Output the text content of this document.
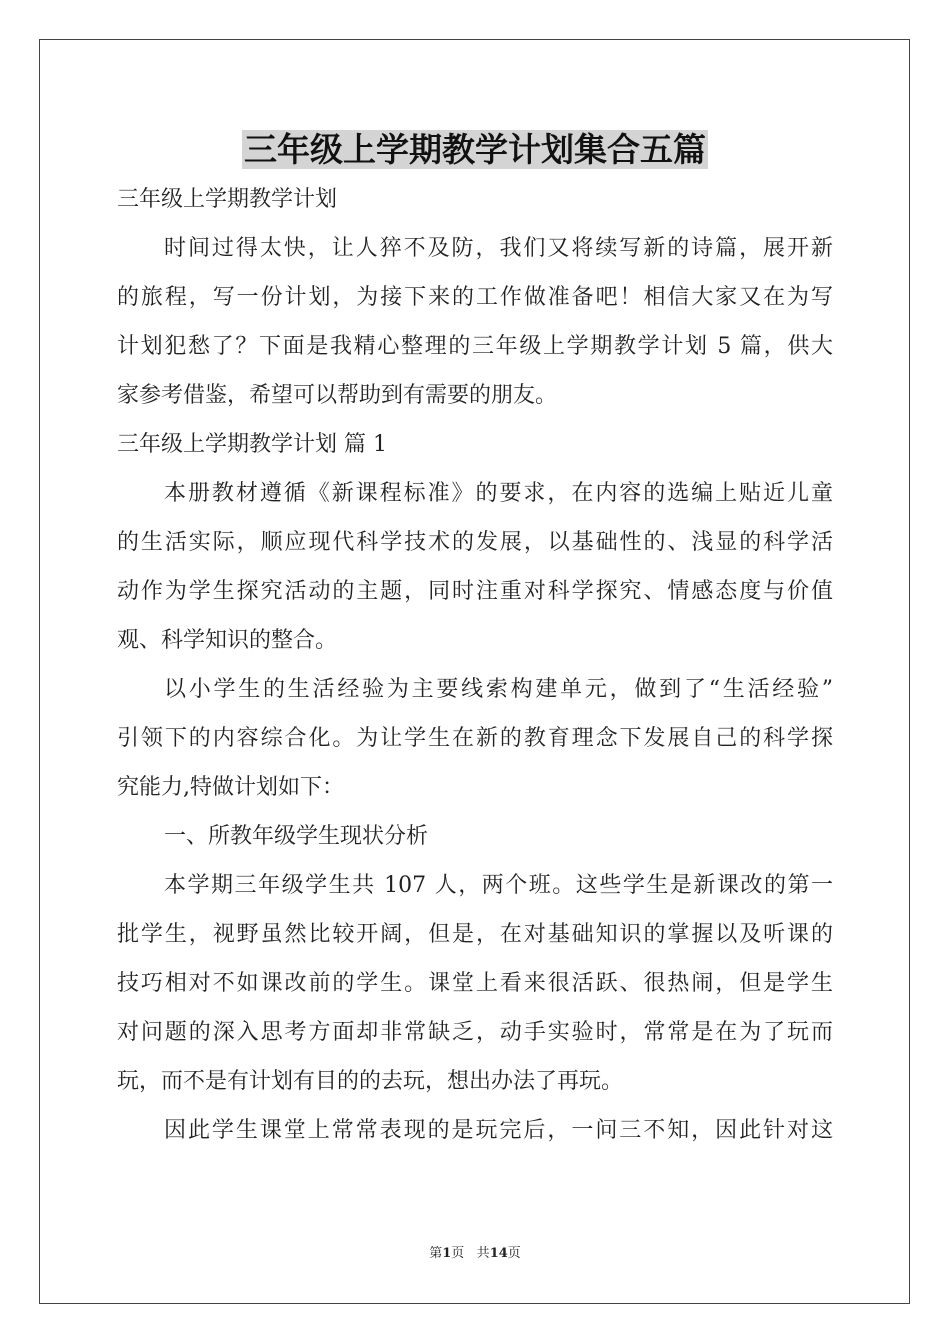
三年级上学期教学计划集合五篇
三年级上学期教学计划
时间过得太快，让人猝不及防，我们又将续写新的诗篇，展开新
的旅程，写一份计划，为接下来的工作做准备吧！相信大家又在为写
计划犯愁了？下面是我精心整理的三年级上学期教学计划 5 篇，供大
家参考借鉴，希望可以帮助到有需要的朋友。
三年级上学期教学计划 篇 1
本册教材遵循《新课程标准》的要求，在内容的选编上贴近儿童
的生活实际，顺应现代科学技术的发展，以基础性的、浅显的科学活
动作为学生探究活动的主题，同时注重对科学探究、情感态度与价值
观、科学知识的整合。
以小学生的生活经验为主要线索构建单元，做到了“生活经验”
引领下的内容综合化。为让学生在新的教育理念下发展自己的科学探
究能力,特做计划如下：
一、所教年级学生现状分析
本学期三年级学生共 107 人，两个班。这些学生是新课改的第一
批学生，视野虽然比较开阔，但是，在对基础知识的掌握以及听课的
技巧相对不如课改前的学生。课堂上看来很活跃、很热闹，但是学生
对问题的深入思考方面却非常缺乏，动手实验时，常常是在为了玩而
玩，而不是有计划有目的的去玩，想出办法了再玩。
因此学生课堂上常常表现的是玩完后，一问三不知，因此针对这
第1页 共14页
